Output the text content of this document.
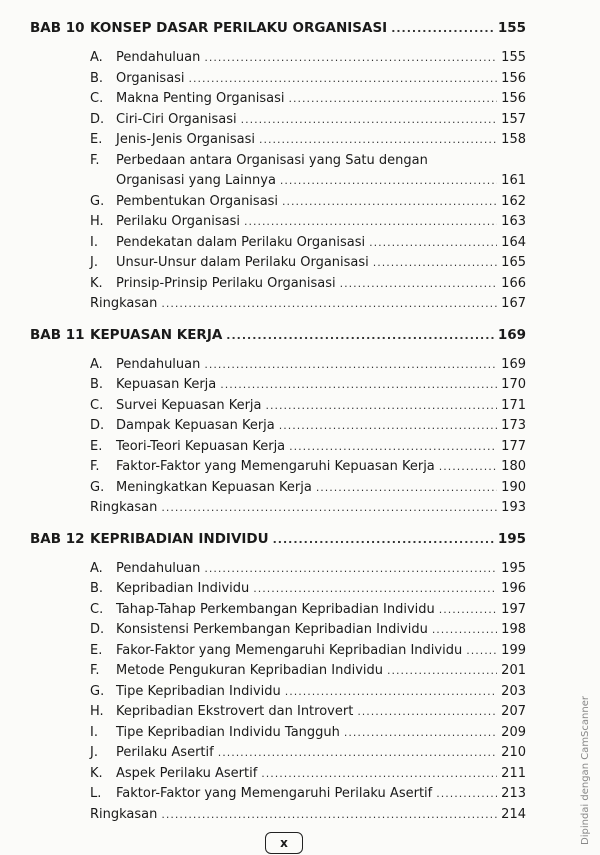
BAB 10 KONSEP DASAR PERILAKU ORGANISASI .....	155
A.	Pendahuluan .....	155
B. Organisasi .....	156
C. Makna Penting Organisasi .....	156
D. Ciri-Ciri Organisasi .....	157
E.	Jenis-Jenis Organisasi .....	158
F.	Perbedaan antara Organisasi yang Satu dengan
Organisasi yang Lainnya .....	161
G. Pembentukan Organisasi .....	162
H. Perilaku Organisasi .....	163
I.	Pendekatan dalam Perilaku Organisasi .....	164
J.	Unsur-Unsur dalam Perilaku Organisasi .....	165
K.	Prinsip-Prinsip Perilaku Organisasi .....	166
Ringkasan .....	167
BAB 11 KEPUASAN KERJA .....	169
A.	Pendahuluan .....	169
B. Kepuasan Kerja .....	170
C. Survei Kepuasan Kerja .....	171
D. Dampak Kepuasan Kerja .....	173
E.	Teori-Teori Kepuasan Kerja .....	177
F.	Faktor-Faktor yang Memengaruhi Kepuasan Kerja .....	180
G. Meningkatkan Kepuasan Kerja .....	190
Ringkasan .....	193
BAB 12 KEPRIBADIAN INDIVIDU .....	195
A.	Pendahuluan .....	195
B. Kepribadian Individu .....	196
C. Tahap-Tahap Perkembangan Kepribadian Individu .....	197
D. Konsistensi Perkembangan Kepribadian Individu .....	198
E.	Fakor-Faktor yang Memengaruhi Kepribadian Individu .....	199
F.	Metode Pengukuran Kepribadian Individu .....	201
G. Tipe Kepribadian Individu .....	203
H. Kepribadian Ekstrovert dan Introvert .....	207
I.	Tipe Kepribadian Individu Tangguh .....	209
J.	Perilaku Asertif .....	210
K.	Aspek Perilaku Asertif .....	211
L.	Faktor-Faktor yang Memengaruhi Perilaku Asertif .....	213
Ringkasan .....	214
x	Dipindai dengan CamScanner
